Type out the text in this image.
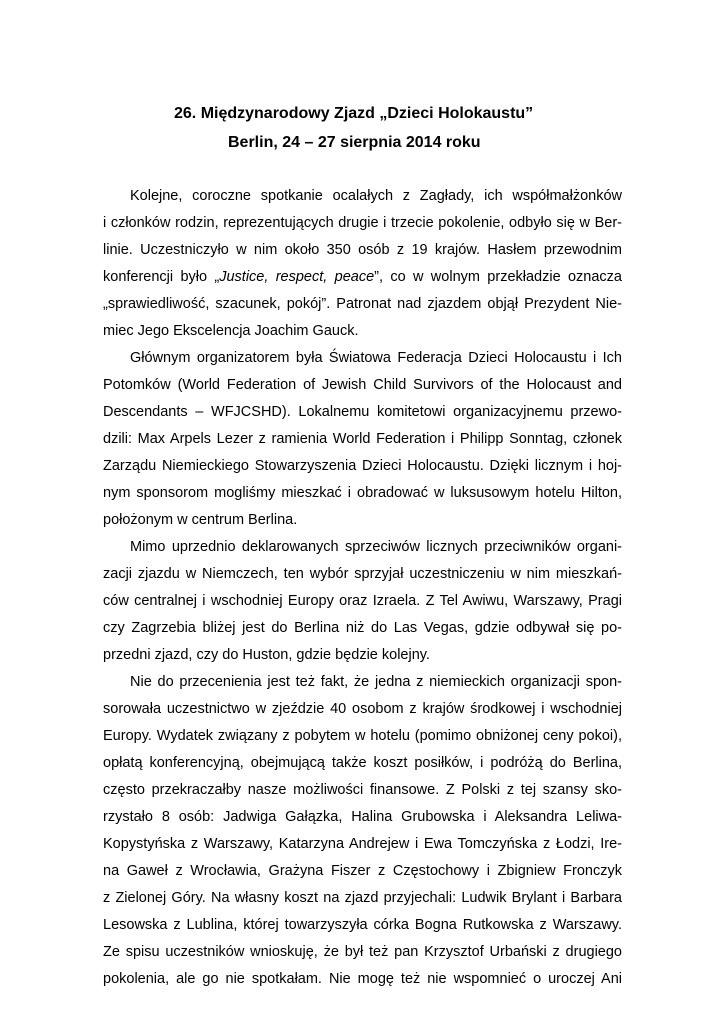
26. Międzynarodowy Zjazd „Dzieci Holokaustu”
Berlin, 24 – 27 sierpnia 2014 roku
Kolejne, coroczne spotkanie ocalałych z Zagłady, ich współmałżonków
i członków rodzin, reprezentujących drugie i trzecie pokolenie, odbyło się w Ber-
linie. Uczestniczyło w nim około 350 osób z 19 krajów. Hasłem przewodnim
konferencji było „Justice, respect, peace”, co w wolnym przekładzie oznacza
„sprawiedliwość, szacunek, pokój”. Patronat nad zjazdem objął Prezydent Nie-
miec Jego Ekscelencja Joachim Gauck.
Głównym organizatorem była Światowa Federacja Dzieci Holocaustu i Ich
Potomków (World Federation of Jewish Child Survivors of the Holocaust and
Descendants – WFJCSHD). Lokalnemu komitetowi organizacyjnemu przewo-
dzili: Max Arpels Lezer z ramienia World Federation i Philipp Sonntag, członek
Zarządu Niemieckiego Stowarzyszenia Dzieci Holocaustu. Dzięki licznym i hoj-
nym sponsorom mogliśmy mieszkać i obradować w luksusowym hotelu Hilton,
położonym w centrum Berlina.
Mimo uprzednio deklarowanych sprzeciwów licznych przeciwników organi-
zacji zjazdu w Niemczech, ten wybór sprzyjał uczestniczeniu w nim mieszkań-
ców centralnej i wschodniej Europy oraz Izraela. Z Tel Awiwu, Warszawy, Pragi
czy Zagrzebia bliżej jest do Berlina niż do Las Vegas, gdzie odbywał się po-
przedni zjazd, czy do Huston, gdzie będzie kolejny.
Nie do przecenienia jest też fakt, że jedna z niemieckich organizacji spon-
sorowała uczestnictwo w zjeździe 40 osobom z krajów środkowej i wschodniej
Europy. Wydatek związany z pobytem w hotelu (pomimo obniżonej ceny pokoi),
opłatą konferencyjną, obejmującą także koszt posiłków, i podróżą do Berlina,
często przekraczałby nasze możliwości finansowe. Z Polski z tej szansy sko-
rzystało 8 osób: Jadwiga Gałązka, Halina Grubowska i Aleksandra Leliwa-
Kopystyńska z Warszawy, Katarzyna Andrejew i Ewa Tomczyńska z Łodzi, Ire-
na Gaweł z Wrocławia, Grażyna Fiszer z Częstochowy i Zbigniew Fronczyk
z Zielonej Góry. Na własny koszt na zjazd przyjechali: Ludwik Brylant i Barbara
Lesowska z Lublina, której towarzyszyła córka Bogna Rutkowska z Warszawy.
Ze spisu uczestników wnioskuję, że był też pan Krzysztof Urbański z drugiego
pokolenia, ale go nie spotkałam. Nie mogę też nie wspomnieć o uroczej Ani
